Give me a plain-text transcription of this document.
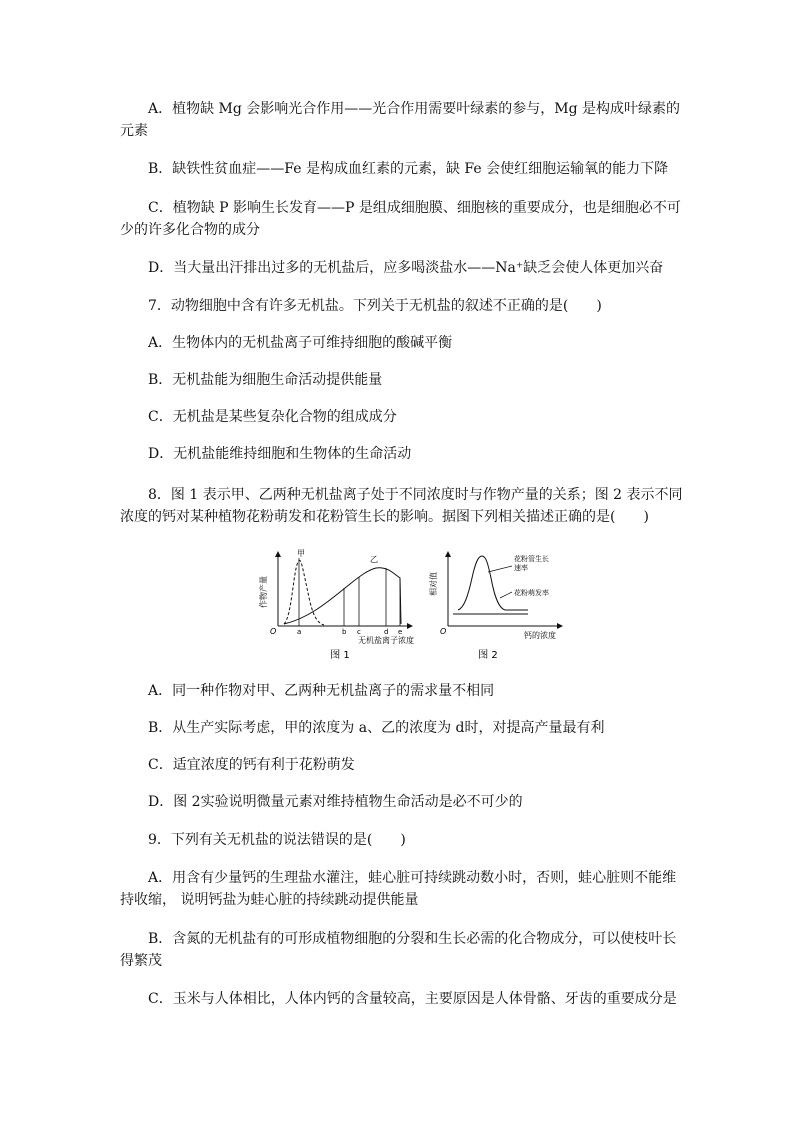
A．植物缺 Mg 会影响光合作用——光合作用需要叶绿素的参与，Mg 是构成叶绿素的
元素
B．缺铁性贫血症——Fe 是构成血红素的元素，缺 Fe 会使红细胞运输氧的能力下降
C．植物缺 P 影响生长发育——P 是组成细胞膜、细胞核的重要成分，也是细胞必不可
少的许多化合物的成分
D．当大量出汗排出过多的无机盐后，应多喝淡盐水——Na⁺缺乏会使人体更加兴奋
7．动物细胞中含有许多无机盐。下列关于无机盐的叙述不正确的是(　　)
A．生物体内的无机盐离子可维持细胞的酸碱平衡
B．无机盐能为细胞生命活动提供能量
C．无机盐是某些复杂化合物的组成成分
D．无机盐能维持细胞和生物体的生命活动
8．图 1 表示甲、乙两种无机盐离子处于不同浓度时与作物产量的关系；图 2 表示不同
浓度的钙对某种植物花粉萌发和花粉管生长的影响。据图下列相关描述正确的是(　　)
作物产量
O
甲
乙
a	b c	d e
无机盐离子浓度
图 1
相对值
O
花粉管生长
速率
花粉萌发率
钙的浓度
图 2
A．同一种作物对甲、乙两种无机盐离子的需求量不相同
B．从生产实际考虑，甲的浓度为 a、乙的浓度为 d时，对提高产量最有利
C．适宜浓度的钙有利于花粉萌发
D．图 2实验说明微量元素对维持植物生命活动是必不可少的
9．下列有关无机盐的说法错误的是(　　)
A．用含有少量钙的生理盐水灌注，蛙心脏可持续跳动数小时，否则，蛙心脏则不能维
持收缩， 说明钙盐为蛙心脏的持续跳动提供能量
B．含氮的无机盐有的可形成植物细胞的分裂和生长必需的化合物成分，可以使枝叶长
得繁茂
C．玉米与人体相比，人体内钙的含量较高，主要原因是人体骨骼、牙齿的重要成分是
